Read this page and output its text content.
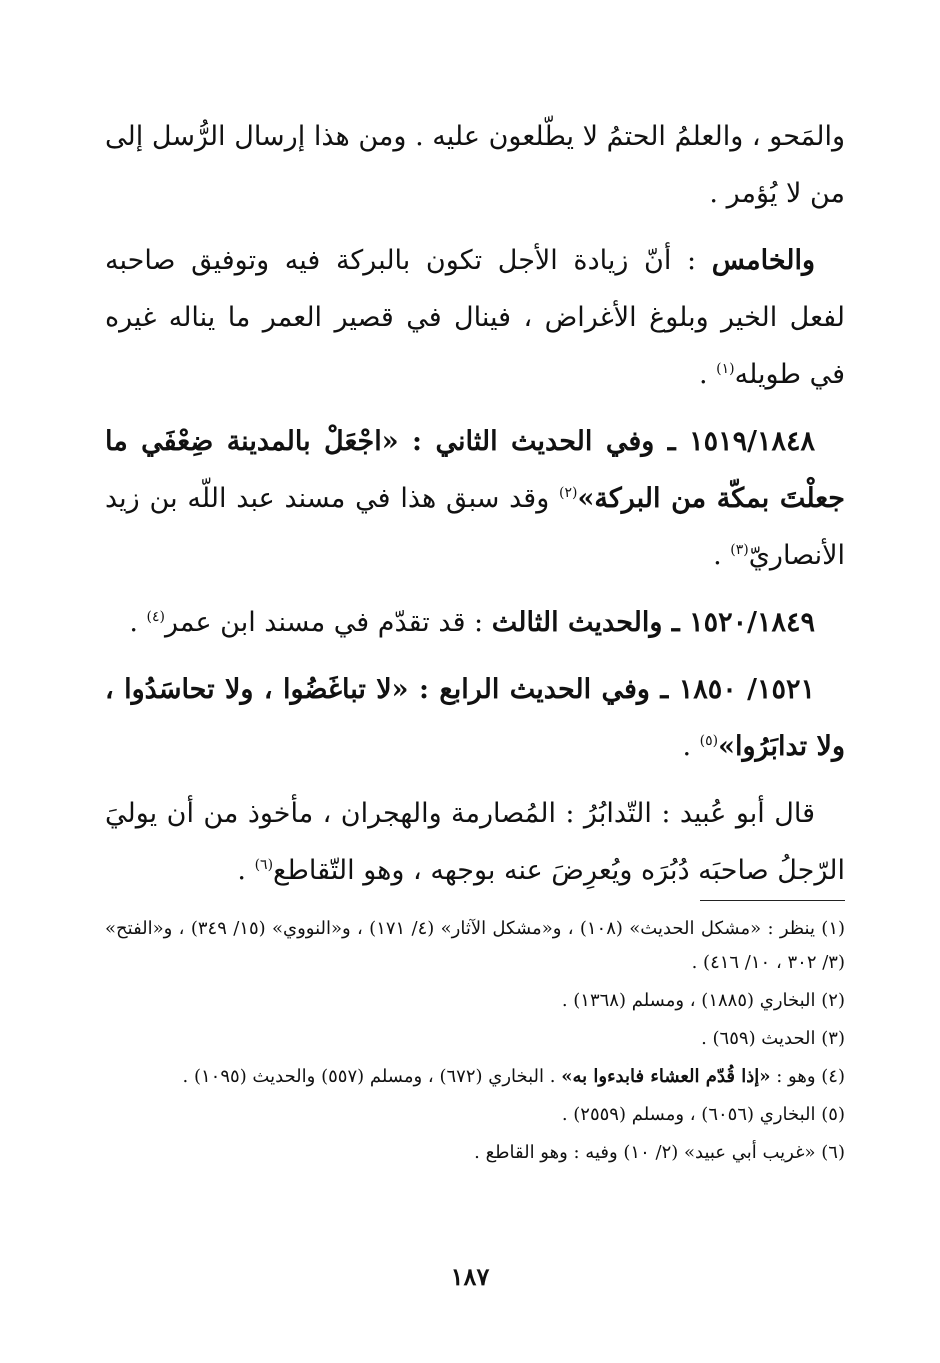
والمَحو ، والعلمُ الحتمُ لا يطّلعون عليه . ومن هذا إرسال الرُّسل إلى من لا يُؤمر .

والخامس : أنّ زيادة الأجل تكون بالبركة فيه وتوفيق صاحبه لفعل الخير وبلوغ الأغراض ، فينال في قصير العمر ما يناله غيره في طويله$^{(١)}$ .

١٥١٩/١٨٤٨ ـ وفي الحديث الثاني : «اجْعَلْ بالمدينة ضِعْفَي ما جعلْتَ بمكّة من البركة»$^{(٢)}$ وقد سبق هذا في مسند عبد اللّه بن زيد الأنصاريّ$^{(٣)}$ .

١٥٢٠/١٨٤٩ ـ والحديث الثالث : قد تقدّم في مسند ابن عمر$^{(٤)}$ .

١٥٢١/ ١٨٥٠ ـ وفي الحديث الرابع : «لا تباغَضُوا ، ولا تحاسَدُوا ، ولا تدابَرُوا»$^{(٥)}$ .

قال أبو عُبيد : التّدابُرُ : المُصارمة والهجران ، مأخوذ من أن يوليَ الرّجلُ صاحبَه دُبُرَه ويُعرِضَ عنه بوجهه ، وهو التّقاطع$^{(٦)}$ .

(١) ينظر : «مشكل الحديث» (١٠٨) ، و«مشكل الآثار» (٤/ ١٧١) ، و«النووي» (١٥/ ٣٤٩) ، و«الفتح» (٣/ ٣٠٢ ، ١٠/ ٤١٦) .
(٢) البخاري (١٨٨٥) ، ومسلم (١٣٦٨) .
(٣) الحديث (٦٥٩) .
(٤) وهو : «إذا قُدّم العشاء فابدءوا به» . البخاري (٦٧٢) ، ومسلم (٥٥٧) والحديث (١٠٩٥) .
(٥) البخاري (٦٠٥٦) ، ومسلم (٢٥٥٩) .
(٦) «غريب أبي عبيد» (٢/ ١٠) وفيه : وهو القاطع .
١٨٧
